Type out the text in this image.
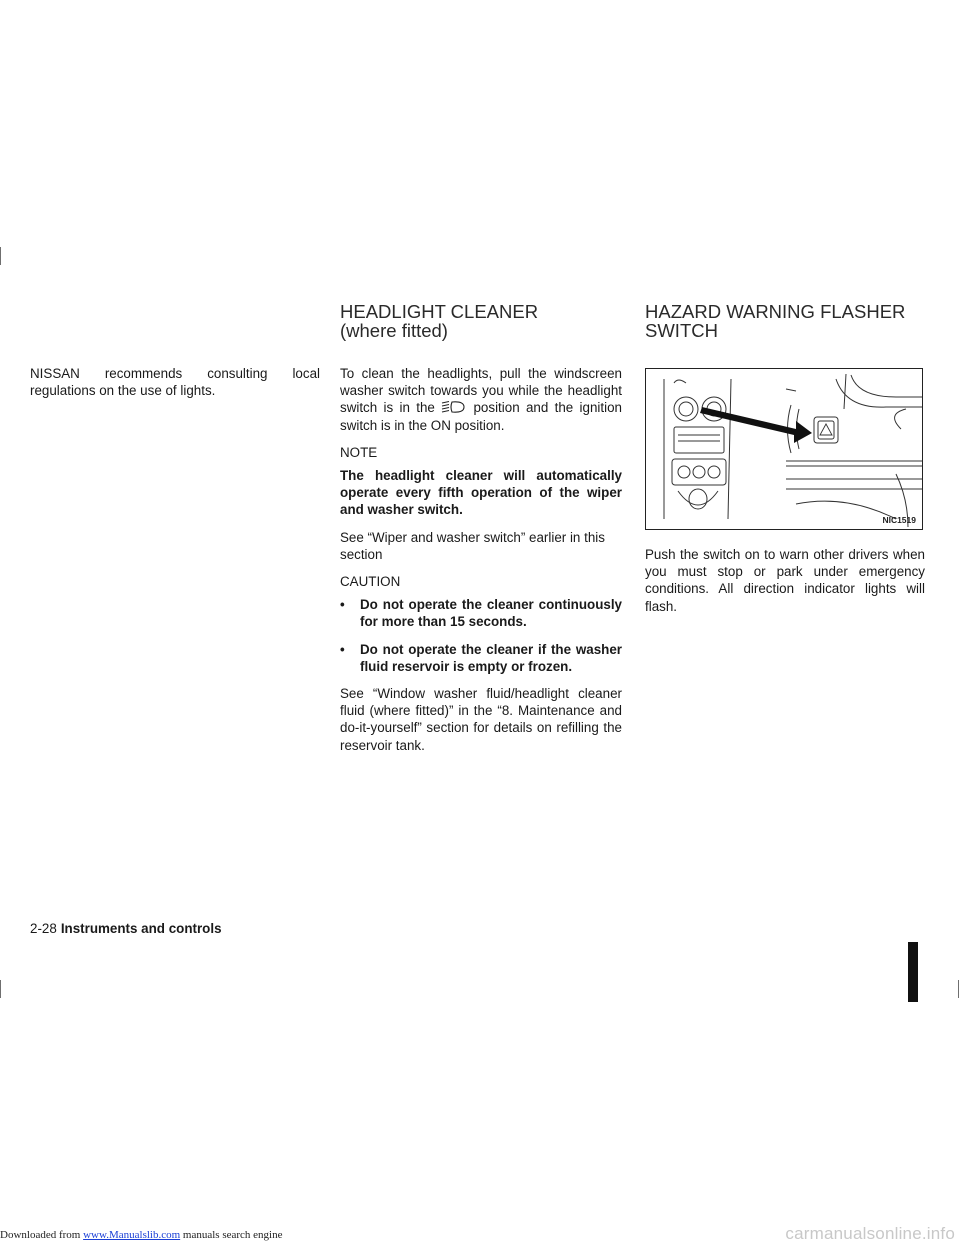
NISSAN recommends consulting local regulations on the use of lights.

HEADLIGHT CLEANER
(where fitted)

To clean the headlights, pull the windscreen washer switch towards you while the headlight switch is in the	position and the ignition switch is in the ON position.

NOTE

The headlight cleaner will automatically operate every fifth operation of the wiper and washer switch.

See “Wiper and washer switch” earlier in this section

CAUTION

• Do not operate the cleaner continuously for more than 15 seconds.
• Do not operate the cleaner if the washer fluid reservoir is empty or frozen.

See “Window washer fluid/headlight cleaner fluid (where fitted)” in the “8. Maintenance and do-it-yourself” section for details on refilling the reservoir tank.

HAZARD WARNING FLASHER
SWITCH
NIC1519

Push the switch on to warn other drivers when you must stop or park under emergency conditions. All direction indicator lights will flash.

2-28 Instruments and controls
Downloaded from www.Manualslib.com manuals search engine	carmanualsonline.info
